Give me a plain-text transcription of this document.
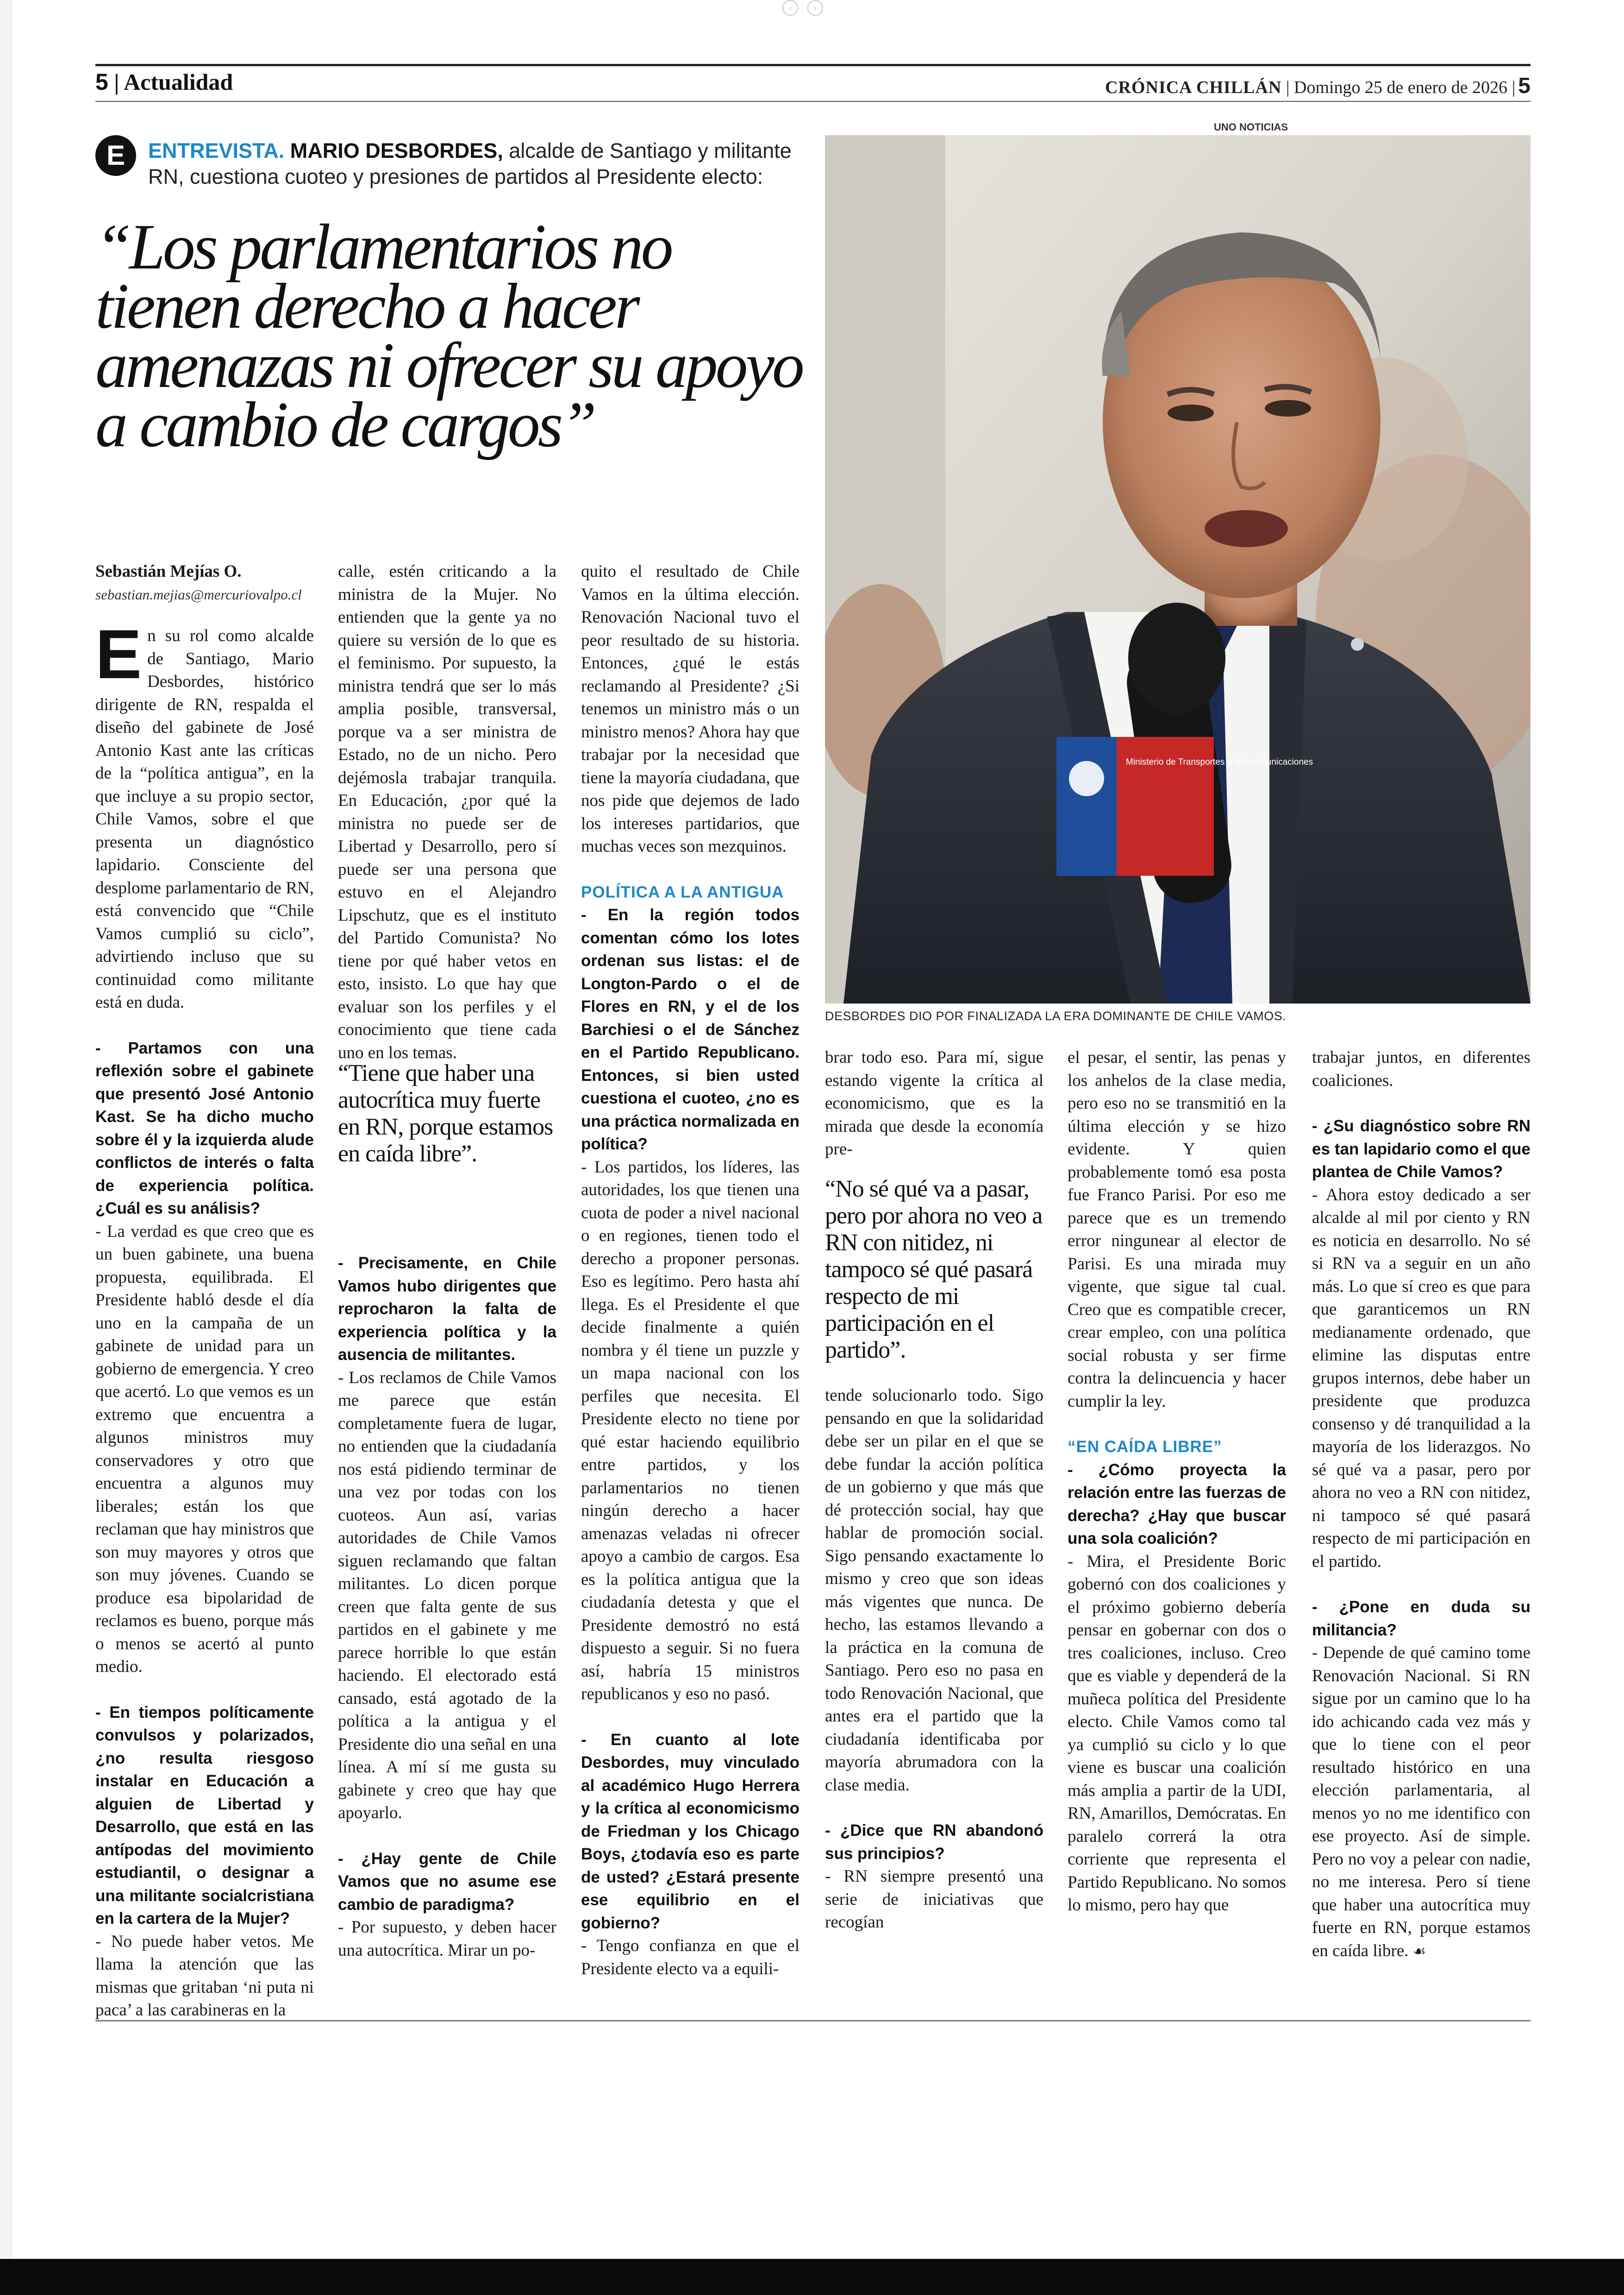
‹ ›
5 | Actualidad	CRÓNICA CHILLÁN | Domingo 25 de enero de 2026 | 5
E	ENTREVISTA. MARIO DESBORDES, alcalde de Santiago y militante RN, cuestiona cuoteo y presiones de partidos al Presidente electo:
“Los parlamentarios no tienen derecho a hacer amenazas ni ofrecer su apoyo a cambio de cargos”
UNO NOTICIAS
Ministerio de Transportes y Telecomunicaciones
DESBORDES DIO POR FINALIZADA LA ERA DOMINANTE DE CHILE VAMOS.

Sebastián Mejías O.

sebastian.mejias@mercuriovalpo.cl

En su rol como alcalde de Santiago, Mario Desbordes, histórico dirigente de RN, respalda el diseño del gabinete de José Antonio Kast ante las críticas de la “política antigua”, en la que incluye a su propio sector, Chile Vamos, sobre el que presenta un diagnóstico lapidario. Consciente del desplome parlamentario de RN, está convencido que “Chile Vamos cumplió su ciclo”, advirtiendo incluso que su continuidad como militante está en duda.

- Partamos con una reflexión sobre el gabinete que presentó José Antonio Kast. Se ha dicho mucho sobre él y la izquierda alude conflictos de interés o falta de experiencia política. ¿Cuál es su análisis?

- La verdad es que creo que es un buen gabinete, una buena propuesta, equilibrada. El Presidente habló desde el día uno en la campaña de un gabinete de unidad para un gobierno de emergencia. Y creo que acertó. Lo que vemos es un extremo que encuentra a algunos ministros muy conservadores y otro que encuentra a algunos muy liberales; están los que reclaman que hay ministros que son muy mayores y otros que son muy jóvenes. Cuando se produce esa bipolaridad de reclamos es bueno, porque más o menos se acertó al punto medio.

- En tiempos políticamente convulsos y polarizados, ¿no resulta riesgoso instalar en Educación a alguien de Libertad y Desarrollo, que está en las antípodas del movimiento estudiantil, o designar a una militante socialcristiana en la cartera de la Mujer?

- No puede haber vetos. Me llama la atención que las mismas que gritaban ‘ni puta ni paca’ a las carabineras en la

calle, estén criticando a la ministra de la Mujer. No entienden que la gente ya no quiere su versión de lo que es el feminismo. Por supuesto, la ministra tendrá que ser lo más amplia posible, transversal, porque va a ser ministra de Estado, no de un nicho. Pero dejémosla trabajar tranquila. En Educación, ¿por qué la ministra no puede ser de Libertad y Desarrollo, pero sí puede ser una persona que estuvo en el Alejandro Lipschutz, que es el instituto del Partido Comunista? No tiene por qué haber vetos en esto, insisto. Lo que hay que evaluar son los perfiles y el conocimiento que tiene cada uno en los temas.

“Tiene que haber una autocrítica muy fuerte en RN, porque estamos en caída libre”.

- Precisamente, en Chile Vamos hubo dirigentes que reprocharon la falta de experiencia política y la ausencia de militantes.

- Los reclamos de Chile Vamos me parece que están completamente fuera de lugar, no entienden que la ciudadanía nos está pidiendo terminar de una vez por todas con los cuoteos. Aun así, varias autoridades de Chile Vamos siguen reclamando que faltan militantes. Lo dicen porque creen que falta gente de sus partidos en el gabinete y me parece horrible lo que están haciendo. El electorado está cansado, está agotado de la política a la antigua y el Presidente dio una señal en una línea. A mí sí me gusta su gabinete y creo que hay que apoyarlo.

- ¿Hay gente de Chile Vamos que no asume ese cambio de paradigma?

- Por supuesto, y deben hacer una autocrítica. Mirar un po-

quito el resultado de Chile Vamos en la última elección. Renovación Nacional tuvo el peor resultado de su historia. Entonces, ¿qué le estás reclamando al Presidente? ¿Si tenemos un ministro más o un ministro menos? Ahora hay que trabajar por la necesidad que tiene la mayoría ciudadana, que nos pide que dejemos de lado los intereses partidarios, que muchas veces son mezquinos.

POLÍTICA A LA ANTIGUA

- En la región todos comentan cómo los lotes ordenan sus listas: el de Longton-Pardo o el de Flores en RN, y el de los Barchiesi o el de Sánchez en el Partido Republicano. Entonces, si bien usted cuestiona el cuoteo, ¿no es una práctica normalizada en política?

- Los partidos, los líderes, las autoridades, los que tienen una cuota de poder a nivel nacional o en regiones, tienen todo el derecho a proponer personas. Eso es legítimo. Pero hasta ahí llega. Es el Presidente el que decide finalmente a quién nombra y él tiene un puzzle y un mapa nacional con los perfiles que necesita. El Presidente electo no tiene por qué estar haciendo equilibrio entre partidos, y los parlamentarios no tienen ningún derecho a hacer amenazas veladas ni ofrecer apoyo a cambio de cargos. Esa es la política antigua que la ciudadanía detesta y que el Presidente demostró no está dispuesto a seguir. Si no fuera así, habría 15 ministros republicanos y eso no pasó.

- En cuanto al lote Desbordes, muy vinculado al académico Hugo Herrera y la crítica al economicismo de Friedman y los Chicago Boys, ¿todavía eso es parte de usted? ¿Estará presente ese equilibrio en el gobierno?

- Tengo confianza en que el Presidente electo va a equili-

brar todo eso. Para mí, sigue estando vigente la crítica al economicismo, que es la mirada que desde la economía pre-

“No sé qué va a pasar, pero por ahora no veo a RN con nitidez, ni tampoco sé qué pasará respecto de mi participación en el partido”.

tende solucionarlo todo. Sigo pensando en que la solidaridad debe ser un pilar en el que se debe fundar la acción política de un gobierno y que más que dé protección social, hay que hablar de promoción social. Sigo pensando exactamente lo mismo y creo que son ideas más vigentes que nunca. De hecho, las estamos llevando a la práctica en la comuna de Santiago. Pero eso no pasa en todo Renovación Nacional, que antes era el partido que la ciudadanía identificaba por mayoría abrumadora con la clase media.

- ¿Dice que RN abandonó sus principios?

- RN siempre presentó una serie de iniciativas que recogían

el pesar, el sentir, las penas y los anhelos de la clase media, pero eso no se transmitió en la última elección y se hizo evidente. Y quien probablemente tomó esa posta fue Franco Parisi. Por eso me parece que es un tremendo error ningunear al elector de Parisi. Es una mirada muy vigente, que sigue tal cual. Creo que es compatible crecer, crear empleo, con una política social robusta y ser firme contra la delincuencia y hacer cumplir la ley.

“EN CAÍDA LIBRE”

- ¿Cómo proyecta la relación entre las fuerzas de derecha? ¿Hay que buscar una sola coalición?

- Mira, el Presidente Boric gobernó con dos coaliciones y el próximo gobierno debería pensar en gobernar con dos o tres coaliciones, incluso. Creo que es viable y dependerá de la muñeca política del Presidente electo. Chile Vamos como tal ya cumplió su ciclo y lo que viene es buscar una coalición más amplia a partir de la UDI, RN, Amarillos, Demócratas. En paralelo correrá la otra corriente que representa el Partido Republicano. No somos lo mismo, pero hay que

trabajar juntos, en diferentes coaliciones.

- ¿Su diagnóstico sobre RN es tan lapidario como el que plantea de Chile Vamos?

- Ahora estoy dedicado a ser alcalde al mil por ciento y RN es noticia en desarrollo. No sé si RN va a seguir en un año más. Lo que sí creo es que para que garanticemos un RN medianamente ordenado, que elimine las disputas entre grupos internos, debe haber un presidente que produzca consenso y dé tranquilidad a la mayoría de los liderazgos. No sé qué va a pasar, pero por ahora no veo a RN con nitidez, ni tampoco sé qué pasará respecto de mi participación en el partido.

- ¿Pone en duda su militancia?

- Depende de qué camino tome Renovación Nacional. Si RN sigue por un camino que lo ha ido achicando cada vez más y que lo tiene con el peor resultado histórico en una elección parlamentaria, al menos yo no me identifico con ese proyecto. Así de simple. Pero no voy a pelear con nadie, no me interesa. Pero sí tiene que haber una autocrítica muy fuerte en RN, porque estamos en caída libre. ☙
